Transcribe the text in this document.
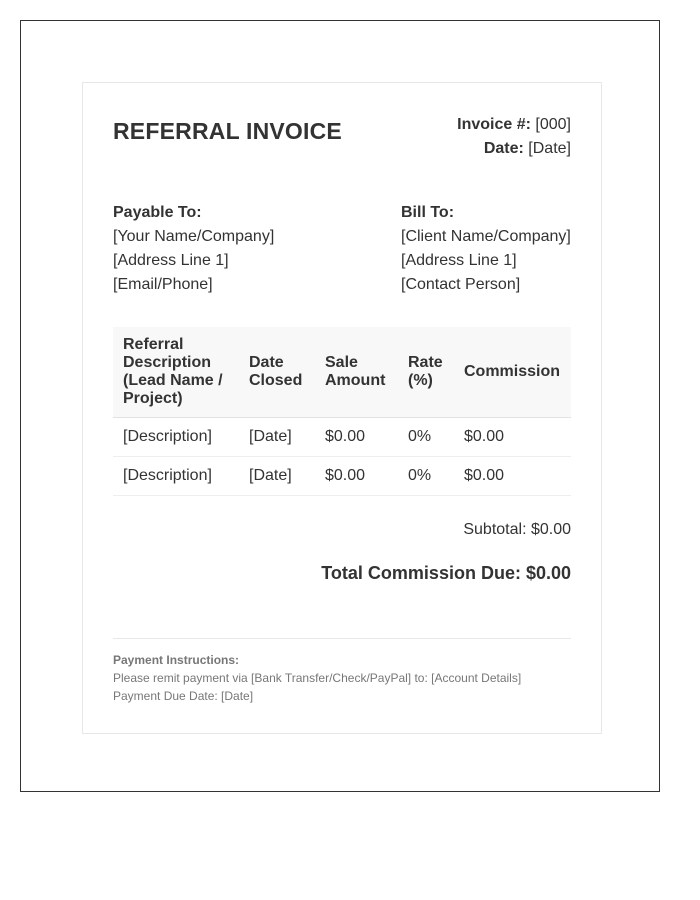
REFERRAL INVOICE	Invoice #: [000]
Date: [Date]
Payable To:
[Your Name/Company]
[Address Line 1]
[Email/Phone]
Bill To:
[Client Name/Company]
[Address Line 1]
[Contact Person]
Referral Description (Lead Name / Project)	Date Closed	Sale Amount	Rate (%)	Commission
[Description]	[Date]	$0.00	0%	$0.00
[Description]	[Date]	$0.00	0%	$0.00
Subtotal: $0.00
Total Commission Due: $0.00
Payment Instructions:
Please remit payment via [Bank Transfer/Check/PayPal] to: [Account Details]
Payment Due Date: [Date]
